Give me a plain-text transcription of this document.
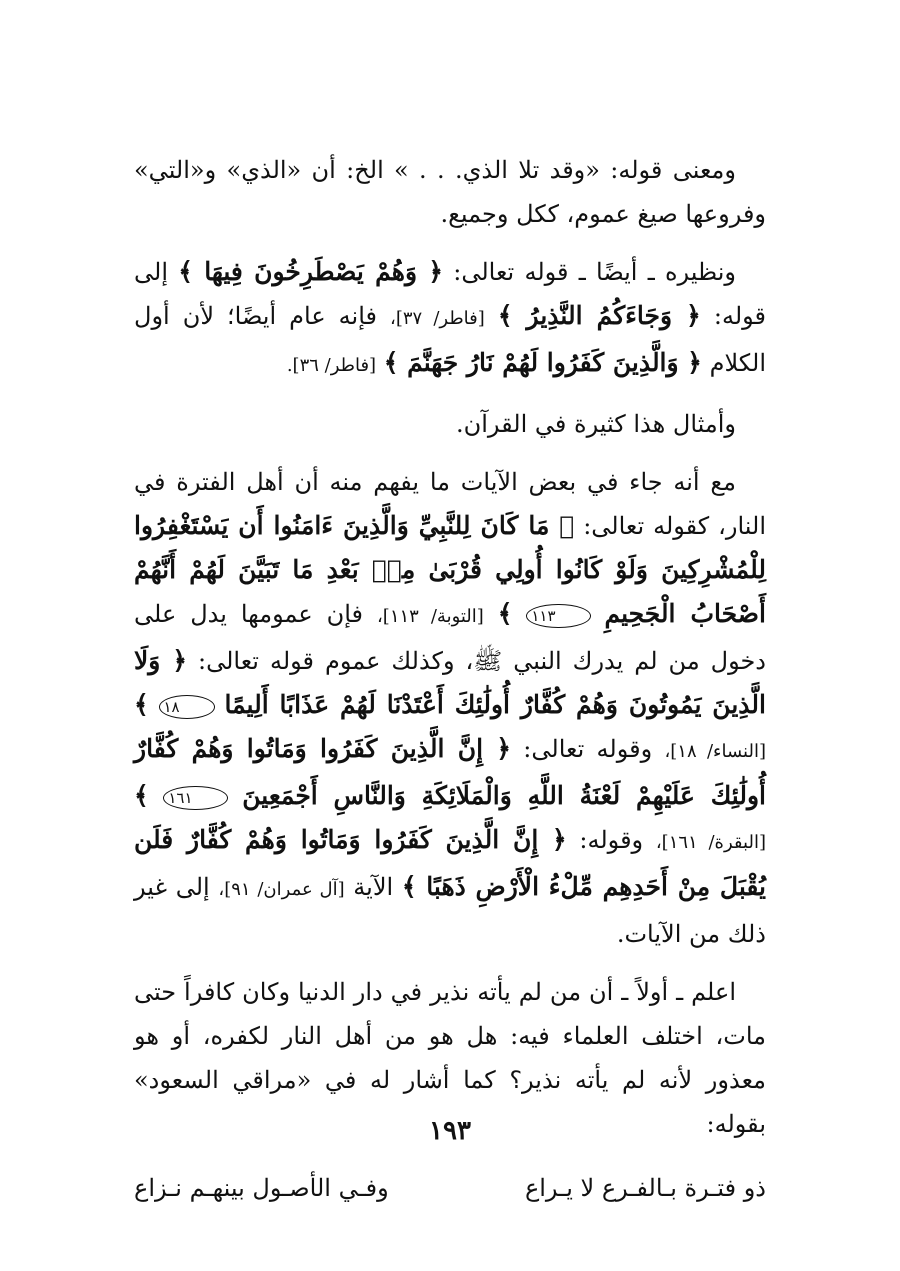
ومعنى قوله: «وقد تلا الذي. . . » الخ: أن «الذي» و«التي» وفروعها صيغ عموم، ككل وجميع.

ونظيره ـ أيضًا ـ قوله تعالى: ﴿ وَهُمْ يَصْطَرِخُونَ فِيهَا ﴾ إلى قوله: ﴿ وَجَاءَكُمُ النَّذِيرُ ﴾ [فاطر/ ٣٧]، فإنه عام أيضًا؛ لأن أول الكلام ﴿ وَالَّذِينَ كَفَرُوا لَهُمْ نَارُ جَهَنَّمَ ﴾ [فاطر/ ٣٦].

وأمثال هذا كثيرة في القرآن.

مع أنه جاء في بعض الآيات ما يفهم منه أن أهل الفترة في النار، كقوله تعالى: ﴿ مَا كَانَ لِلنَّبِيِّ وَالَّذِينَ ءَامَنُوا أَن يَسْتَغْفِرُوا لِلْمُشْرِكِينَ وَلَوْ كَانُوا أُولِي قُرْبَىٰ مِنۢ بَعْدِ مَا تَبَيَّنَ لَهُمْ أَنَّهُمْ أَصْحَابُ الْجَحِيمِ ١١٣ ﴾ [التوبة/ ١١٣]، فإن عمومها يدل على دخول من لم يدرك النبي ﷺ، وكذلك عموم قوله تعالى: ﴿ وَلَا الَّذِينَ يَمُوتُونَ وَهُمْ كُفَّارٌ أُولَٰئِكَ أَعْتَدْنَا لَهُمْ عَذَابًا أَلِيمًا ١٨ ﴾ [النساء/ ١٨]، وقوله تعالى: ﴿ إِنَّ الَّذِينَ كَفَرُوا وَمَاتُوا وَهُمْ كُفَّارٌ أُولَٰئِكَ عَلَيْهِمْ لَعْنَةُ اللَّهِ وَالْمَلَائِكَةِ وَالنَّاسِ أَجْمَعِينَ ١٦١ ﴾ [البقرة/ ١٦١]، وقوله: ﴿ إِنَّ الَّذِينَ كَفَرُوا وَمَاتُوا وَهُمْ كُفَّارٌ فَلَن يُقْبَلَ مِنْ أَحَدِهِم مِّلْءُ الْأَرْضِ ذَهَبًا ﴾ الآية [آل عمران/ ٩١]، إلى غير ذلك من الآيات.

اعلم ـ أولاً ـ أن من لم يأته نذير في دار الدنيا وكان كافراً حتى مات، اختلف العلماء فيه: هل هو من أهل النار لكفره، أو هو معذور لأنه لم يأته نذير؟ كما أشار له في «مراقي السعود» بقوله:

ذو فتـرة بـالفـرع لا يـراع
وفـي الأصـول بينهـم نـزاع
١٩٣
